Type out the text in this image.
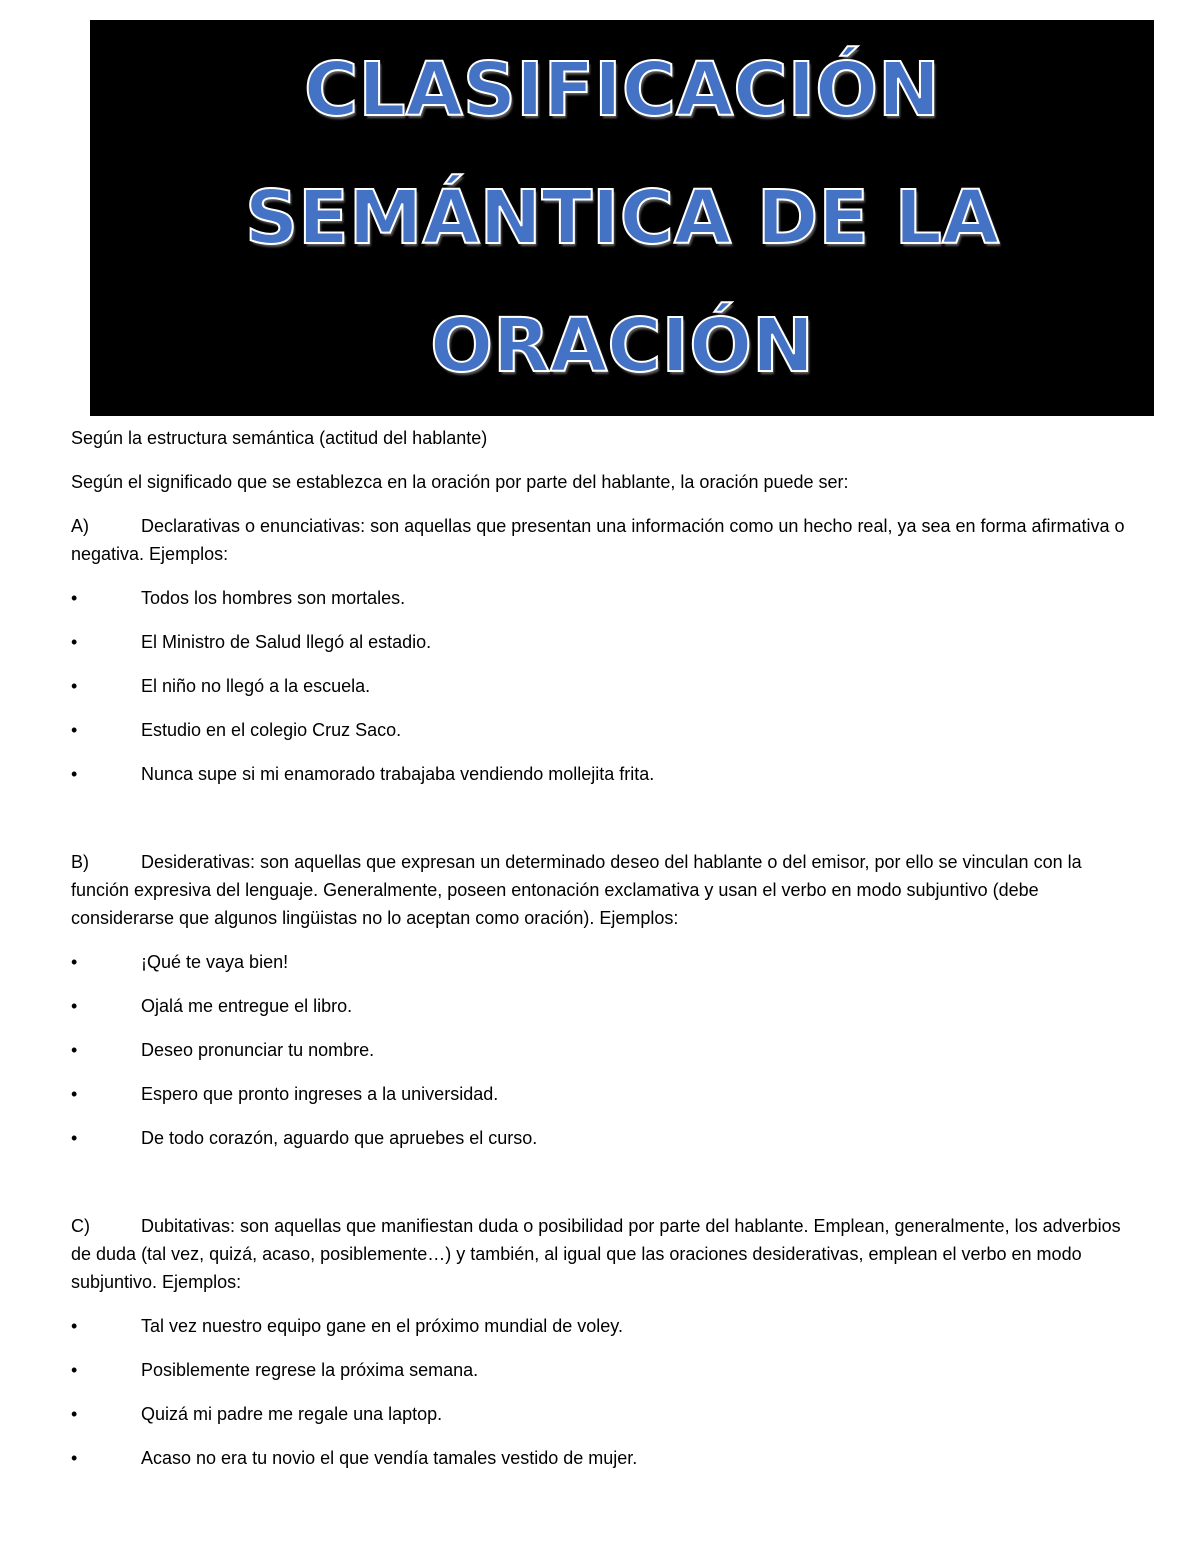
CLASIFICACIÓN
SEMÁNTICA DE LA
ORACIÓN

Según la estructura semántica (actitud del hablante)

Según el significado que se establezca en la oración por parte del hablante, la oración puede ser:

A)	Declarativas o enunciativas: son aquellas que presentan una información como un hecho real, ya sea en forma afirmativa o negativa. Ejemplos:
•	Todos los hombres son mortales.
•	El Ministro de Salud llegó al estadio.
•	El niño no llegó a la escuela.
•	Estudio en el colegio Cruz Saco.
•	Nunca supe si mi enamorado trabajaba vendiendo mollejita frita.
B)	Desiderativas: son aquellas que expresan un determinado deseo del hablante o del emisor, por ello se vinculan con la función expresiva del lenguaje. Generalmente, poseen entonación exclamativa y usan el verbo en modo subjuntivo (debe considerarse que algunos lingüistas no lo aceptan como oración). Ejemplos:
•	¡Qué te vaya bien!
•	Ojalá me entregue el libro.
•	Deseo pronunciar tu nombre.
•	Espero que pronto ingreses a la universidad.
•	De todo corazón, aguardo que apruebes el curso.
C)	Dubitativas: son aquellas que manifiestan duda o posibilidad por parte del hablante. Emplean, generalmente, los adverbios de duda (tal vez, quizá, acaso, posiblemente…) y también, al igual que las oraciones desiderativas, emplean el verbo en modo subjuntivo. Ejemplos:
•	Tal vez nuestro equipo gane en el próximo mundial de voley.
•	Posiblemente regrese la próxima semana.
•	Quizá mi padre me regale una laptop.
•	Acaso no era tu novio el que vendía tamales vestido de mujer.
